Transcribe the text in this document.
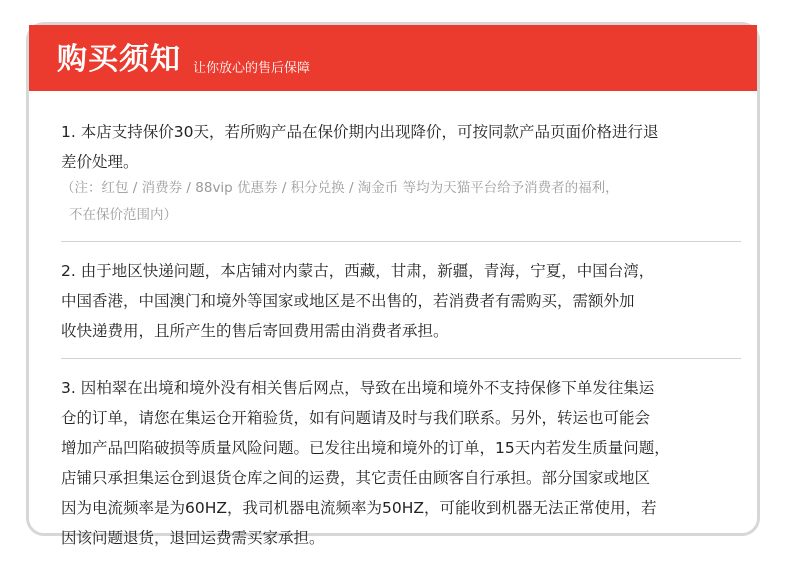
购买须知 让你放心的售后保障
1. 本店支持保价30天，若所购产品在保价期内出现降价，可按同款产品页面价格进行退
差价处理。
（注：红包 / 消费券 / 88vip 优惠券 / 积分兑换 / 淘金币 等均为天猫平台给予消费者的福利，
不在保价范围内）
2. 由于地区快递问题，本店铺对内蒙古，西藏，甘肃，新疆，青海，宁夏，中国台湾，
中国香港，中国澳门和境外等国家或地区是不出售的，若消费者有需购买，需额外加
收快递费用，且所产生的售后寄回费用需由消费者承担。
3. 因柏翠在出境和境外没有相关售后网点，导致在出境和境外不支持保修下单发往集运
仓的订单，请您在集运仓开箱验货，如有问题请及时与我们联系。另外，转运也可能会
增加产品凹陷破损等质量风险问题。已发往出境和境外的订单，15天内若发生质量问题，
店铺只承担集运仓到退货仓库之间的运费，其它责任由顾客自行承担。部分国家或地区
因为电流频率是为60HZ，我司机器电流频率为50HZ，可能收到机器无法正常使用，若
因该问题退货，退回运费需买家承担。
